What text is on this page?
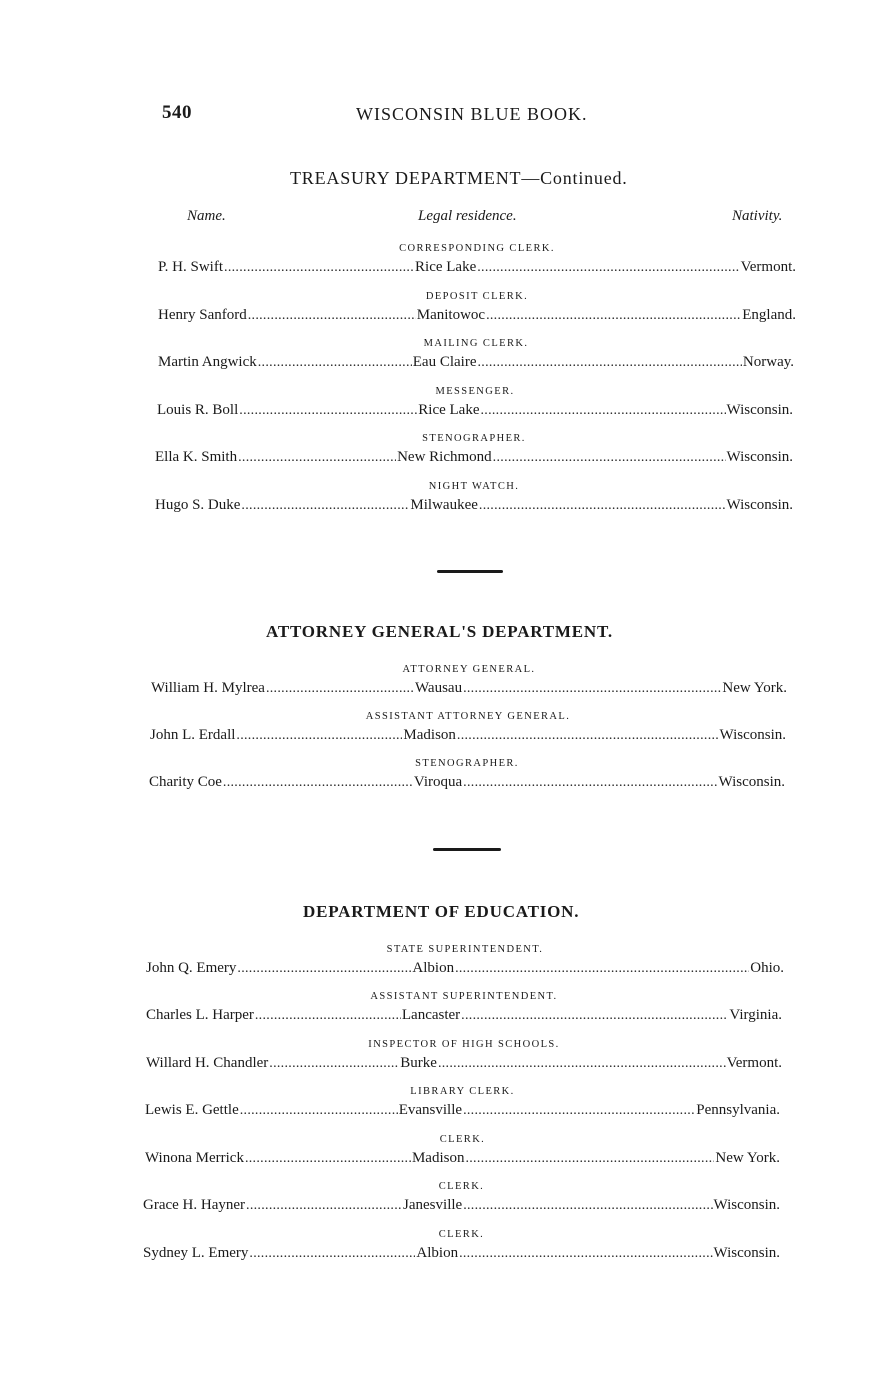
540	WISCONSIN BLUE BOOK.
TREASURY DEPARTMENT—Continued.
Name.	Legal residence.	Nativity.
CORRESPONDING CLERK.
P. H. Swift . . .	Rice Lake . . .	Vermont.
DEPOSIT CLERK.
Henry Sanford . . .	Manitowoc . . .	England.
MAILING CLERK.
Martin Angwick . . .	Eau Claire . . .	Norway.
MESSENGER.
Louis R. Boll . . .	Rice Lake . . .	Wisconsin.
STENOGRAPHER.
Ella K. Smith . . .	New Richmond . . .	Wisconsin.
NIGHT WATCH.
Hugo S. Duke . . .	Milwaukee . . .	Wisconsin.
ATTORNEY GENERAL'S DEPARTMENT.
ATTORNEY GENERAL.
William H. Mylrea . . .	Wausau . . .	New York.
ASSISTANT ATTORNEY GENERAL.
John L. Erdall . . .	Madison . . .	Wisconsin.
STENOGRAPHER.
Charity Coe . . .	Viroqua . . .	Wisconsin.
DEPARTMENT OF EDUCATION.
STATE SUPERINTENDENT.
John Q. Emery . . .	Albion . . .	Ohio.
ASSISTANT SUPERINTENDENT.
Charles L. Harper . . .	Lancaster . . .	Virginia.
INSPECTOR OF HIGH SCHOOLS.
Willard H. Chandler . . .	Burke . . .	Vermont.
LIBRARY CLERK.
Lewis E. Gettle . . .	Evansville . . .	Pennsylvania.
CLERK.
Winona Merrick . . .	Madison . . .	New York.
CLERK.
Grace H. Hayner . . .	Janesville . . .	Wisconsin.
CLERK.
Sydney L. Emery . . .	Albion . . .	Wisconsin.
